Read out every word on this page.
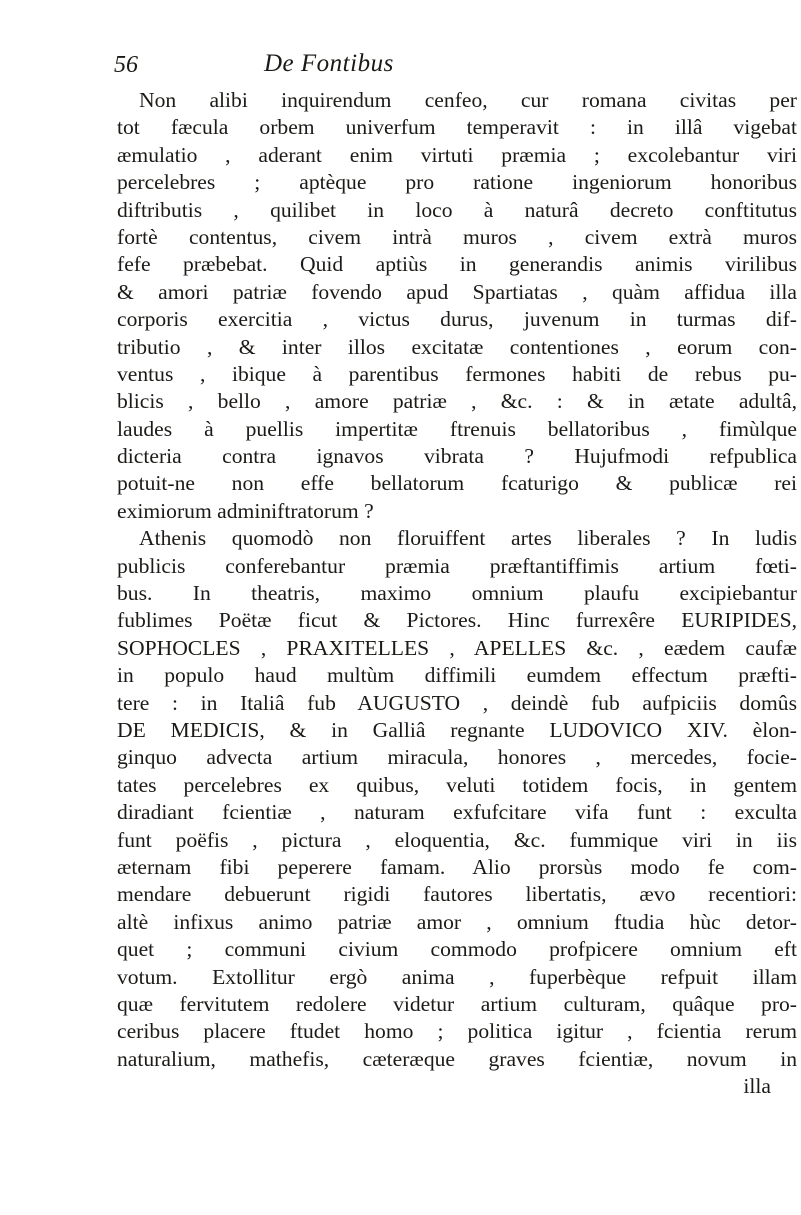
56	De Fontibus
Non alibi inquirendum cenfeo, cur romana civitas per
tot fæcula orbem univerfum temperavit : in illâ vigebat
æmulatio , aderant enim virtuti præmia ; excolebantur viri
percelebres ; aptèque pro ratione ingeniorum honoribus
diftributis , quilibet in loco à naturâ decreto conftitutus
fortè contentus, civem intrà muros , civem extrà muros
fefe præbebat. Quid aptiùs in generandis animis virilibus
& amori patriæ fovendo apud Spartiatas , quàm affidua illa
corporis exercitia , victus durus, juvenum in turmas dif-
tributio , & inter illos excitatæ contentiones , eorum con-
ventus , ibique à parentibus fermones habiti de rebus pu-
blicis , bello , amore patriæ , &c. : & in ætate adultâ,
laudes à puellis impertitæ ftrenuis bellatoribus , fimùlque
dicteria contra ignavos vibrata ? Hujufmodi refpublica
potuit-ne non effe bellatorum fcaturigo & publicæ rei
eximiorum adminiftratorum ?
Athenis quomodò non floruiffent artes liberales ? In ludis
publicis conferebantur præmia præftantiffimis artium fœti-
bus. In theatris, maximo omnium plaufu excipiebantur
fublimes Poëtæ ficut & Pictores. Hinc furrexêre EURIPIDES,
SOPHOCLES , PRAXITELLES , APELLES &c. , eædem caufæ
in populo haud multùm diffimili eumdem effectum præfti-
tere : in Italiâ fub AUGUSTO , deindè fub aufpiciis domûs
DE MEDICIS, & in Galliâ regnante LUDOVICO XIV. èlon-
ginquo advecta artium miracula, honores , mercedes, focie-
tates percelebres ex quibus, veluti totidem focis, in gentem
diradiant fcientiæ , naturam exfufcitare vifa funt : exculta
funt poëfis , pictura , eloquentia, &c. fummique viri in iis
æternam fibi peperere famam. Alio prorsùs modo fe com-
mendare debuerunt rigidi fautores libertatis, ævo recentiori:
altè infixus animo patriæ amor , omnium ftudia hùc detor-
quet ; communi civium commodo profpicere omnium eft
votum. Extollitur ergò anima , fuperbèque refpuit illam
quæ fervitutem redolere videtur artium culturam, quâque pro-
ceribus placere ftudet homo ; politica igitur , fcientia rerum
naturalium, mathefis, cæteræque graves fcientiæ, novum in
illa
